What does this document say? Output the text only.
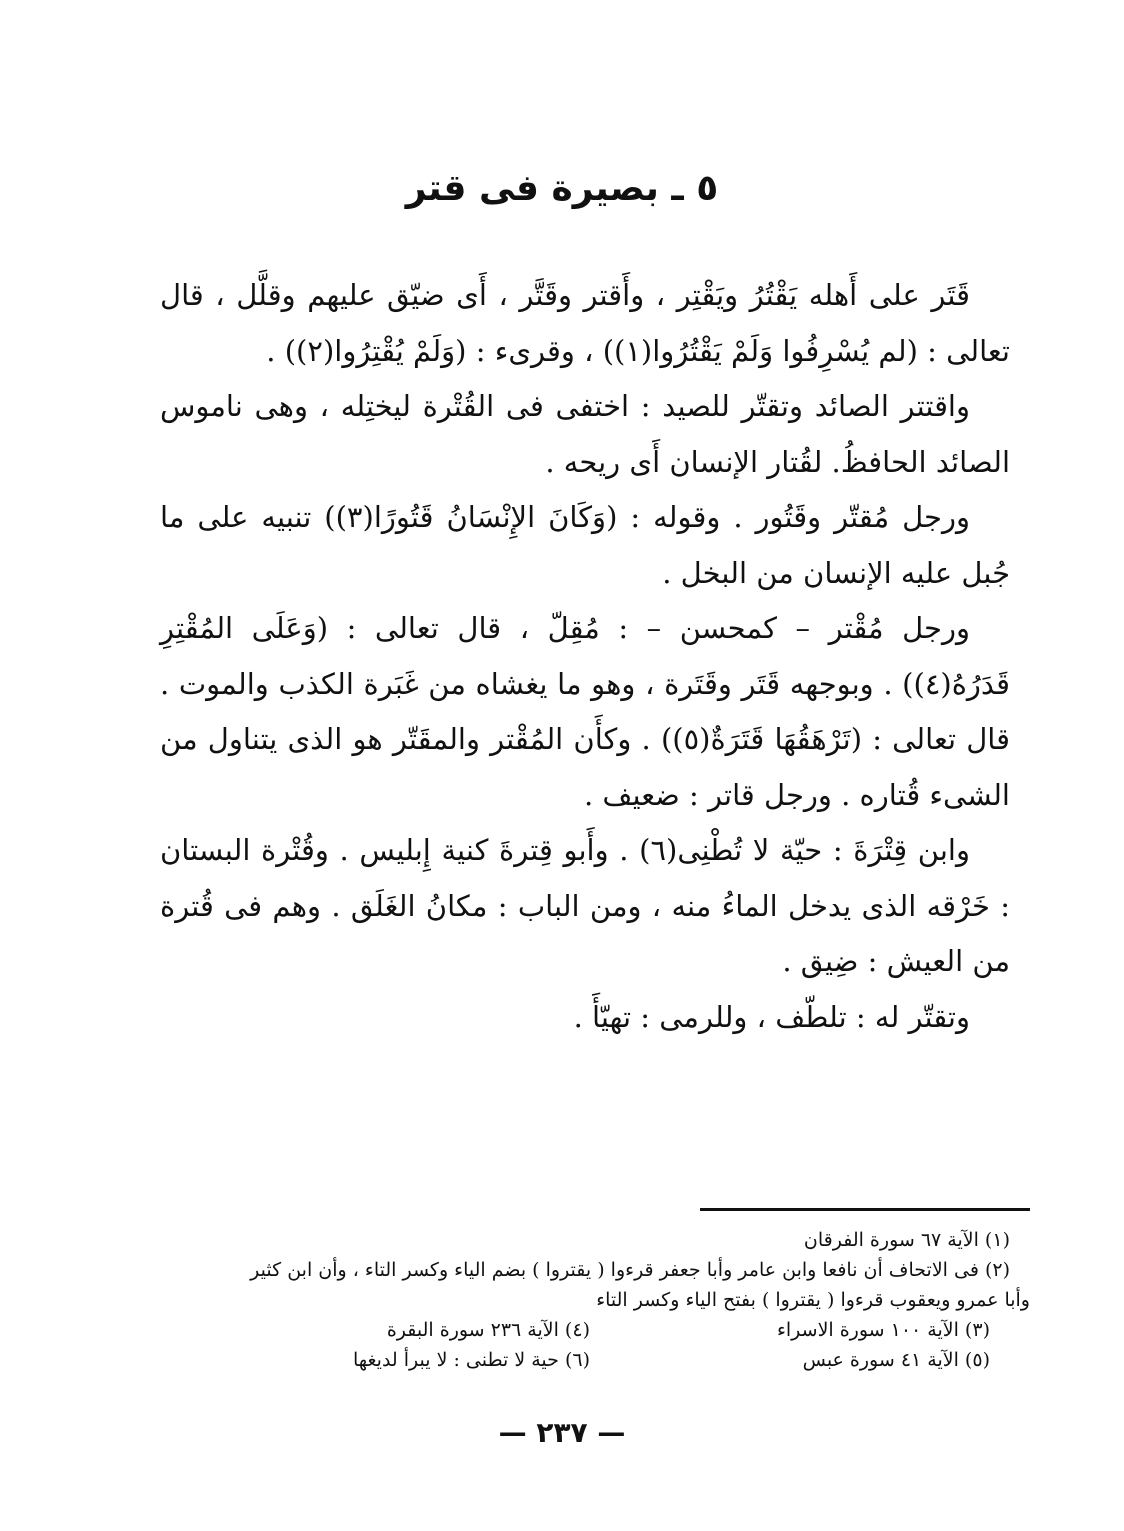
٥ ـ بصيرة فى قتر

قَتَر على أَهله يَقْتُرُ ويَقْتِر ، وأَقتر وقَتَّر ، أَى ضيّق عليهم وقلَّل ، قال تعالى : (لم يُسْرِفُوا وَلَمْ يَقْتُرُوا(١)) ، وقرىء : (وَلَمْ يُقْتِرُوا(٢)) .

واقتتر الصائد وتقتّر للصيد : اختفى فى القُتْرة ليختِله ، وهى ناموس الصائد الحافظُ. لقُتار الإنسان أَى ريحه .

ورجل مُقتّر وقَتُور . وقوله : (وَكَانَ الإِنْسَانُ قَتُورًا(٣)) تنبيه على ما جُبل عليه الإنسان من البخل .

ورجل مُقْتر – كمحسن – : مُقِلّ ، قال تعالى : (وَعَلَى المُقْتِرِ قَدَرُهُ(٤)) . وبوجهه قَتَر وقَتَرة ، وهو ما يغشاه من غَبَرة الكذب والموت . قال تعالى : (تَرْهَقُهَا قَتَرَةٌ(٥)) . وكأَن المُقْتر والمقَتّر هو الذى يتناول من الشىء قُتاره . ورجل قاتر : ضعيف .

وابن قِتْرَةَ : حيّة لا تُطْنِى(٦) . وأَبو قِترةَ كنية إِبليس . وقُتْرة البستان : خَرْقه الذى يدخل الماءُ منه ، ومن الباب : مكانُ الغَلَق . وهم فى قُترة من العيش : ضِيق .

وتقتّر له : تلطّف ، وللرمى : تهيّأَ .

(١) الآية ٦٧ سورة الفرقان
(٢) فى الاتحاف أن نافعا وابن عامر وأبا جعفر قرءوا ( يقتروا ) بضم الياء وكسر التاء ، وأن ابن كثير
وأبا عمرو ويعقوب قرءوا ( يقتروا ) بفتح الياء وكسر التاء
(٣) الآية ١٠٠ سورة الاسراء
(٤) الآية ٢٣٦ سورة البقرة
(٥) الآية ٤١ سورة عبس
(٦) حية لا تطنى : لا يبرأ لديغها
— ٢٣٧ —
